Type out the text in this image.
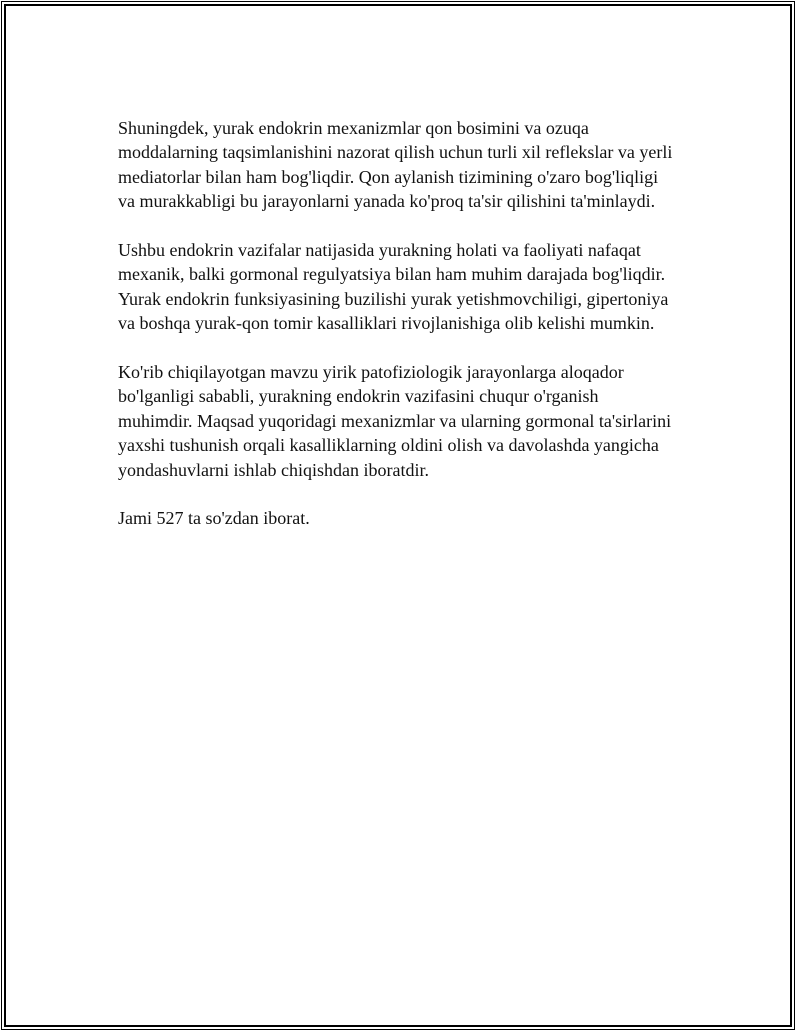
Shuningdek, yurak endokrin mexanizmlar qon bosimini va ozuqa
moddalarning taqsimlanishini nazorat qilish uchun turli xil reflekslar va yerli
mediatorlar bilan ham bog'liqdir. Qon aylanish tizimining o'zaro bog'liqligi
va murakkabligi bu jarayonlarni yanada ko'proq ta'sir qilishini ta'minlaydi.

Ushbu endokrin vazifalar natijasida yurakning holati va faoliyati nafaqat
mexanik, balki gormonal regulyatsiya bilan ham muhim darajada bog'liqdir.
Yurak endokrin funksiyasining buzilishi yurak yetishmovchiligi, gipertoniya
va boshqa yurak-qon tomir kasalliklari rivojlanishiga olib kelishi mumkin.

Ko'rib chiqilayotgan mavzu yirik patofiziologik jarayonlarga aloqador
bo'lganligi sababli, yurakning endokrin vazifasini chuqur o'rganish
muhimdir. Maqsad yuqoridagi mexanizmlar va ularning gormonal ta'sirlarini
yaxshi tushunish orqali kasalliklarning oldini olish va davolashda yangicha
yondashuvlarni ishlab chiqishdan iboratdir.

Jami 527 ta so'zdan iborat.
